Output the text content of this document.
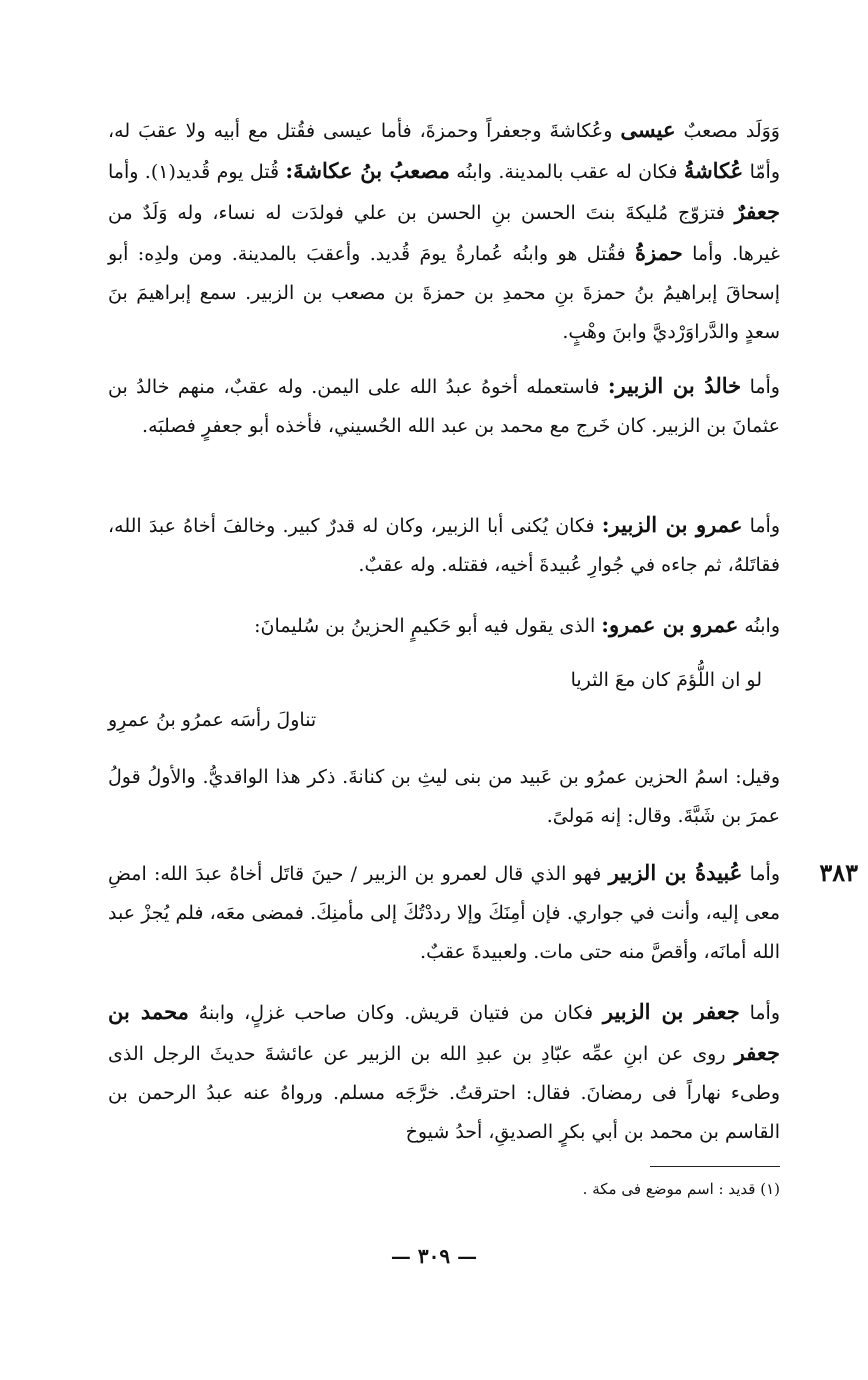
وَوَلَد مصعبٌ عيسى وعُكاشةَ وجعفراً وحمزةَ، فأما عيسى فقُتل مع أبيه ولا عقبَ له، وأمّا عُكاشةُ فكان له عقب بالمدينة. وابنُه مصعبُ بنُ عكاشةَ: قُتل يوم قُديد(١). وأما جعفرٌ فتزوّج مُليكةَ بنتَ الحسن بنِ الحسن بن علي فولدَت له نساء، وله وَلَدٌ من غيرها. وأما حمزةُ فقُتل هو وابنُه عُمارةُ يومَ قُديد. وأعقبَ بالمدينة. ومن ولدِه: أبو إسحاقَ إبراهيمُ بنُ حمزةَ بنِ محمدِ بن حمزةَ بن مصعب بن الزبير. سمع إبراهيمَ بنَ سعدٍ والدَّراوَرْديَّ وابنَ وهْبٍ.

وأما خالدُ بن الزبير: فاستعمله أخوهُ عبدُ الله على اليمن. وله عقبٌ، منهم خالدُ بن عثمانَ بن الزبير. كان خَرج مع محمد بن عبد الله الحُسيني، فأخذه أبو جعفرٍ فصلبَه.

وأما عمرو بن الزبير: فكان يُكنى أبا الزبير، وكان له قدرٌ كبير. وخالفَ أخاهُ عبدَ الله، فقاتَلهُ، ثم جاءه في جُوارِ عُبيدةَ أخيه، فقتله. وله عقبٌ.

وابنُه عمرو بن عمرو: الذى يقول فيه أبو حَكيمٍ الحزينُ بن سُليمانَ:

لو ان اللُّؤمَ كان معَ الثريا
تناولَ رأسَه عمرُو بنُ عمرِو

وقيل: اسمُ الحزين عمرُو بن عَبيد من بنى ليثِ بن كنانةَ. ذكر هذا الواقديُّ. والأولُ قولُ عمرَ بن شَبَّةَ. وقال: إنه مَولىً.

٣٨٣

وأما عُبيدةُ بن الزبير فهو الذي قال لعمرو بن الزبير / حينَ قاتَل أخاهُ عبدَ الله: امضِ معى إليه، وأنت في جواري. فإن أمِنَكَ وإلا رددْتُكَ إلى مأمنِكَ. فمضى معَه، فلم يُجزْ عبد الله أمانَه، وأقصَّ منه حتى مات. ولعبيدةَ عقبٌ.

وأما جعفر بن الزبير فكان من فتيان قريش. وكان صاحب غزلٍ، وابنهُ محمد بن جعفر روى عن ابنِ عمِّه عبّادِ بن عبدِ الله بن الزبير عن عائشةَ حديثَ الرجل الذى وطىء نهاراً فى رمضانَ. فقال: احترقتُ. خرَّجَه مسلم. ورواهُ عنه عبدُ الرحمن بن القاسم بن محمد بن أبي بكرٍ الصديقِ، أحدُ شيوخ

(١) قديد : اسم موضع فى مكة .
— ٣٠٩ —
